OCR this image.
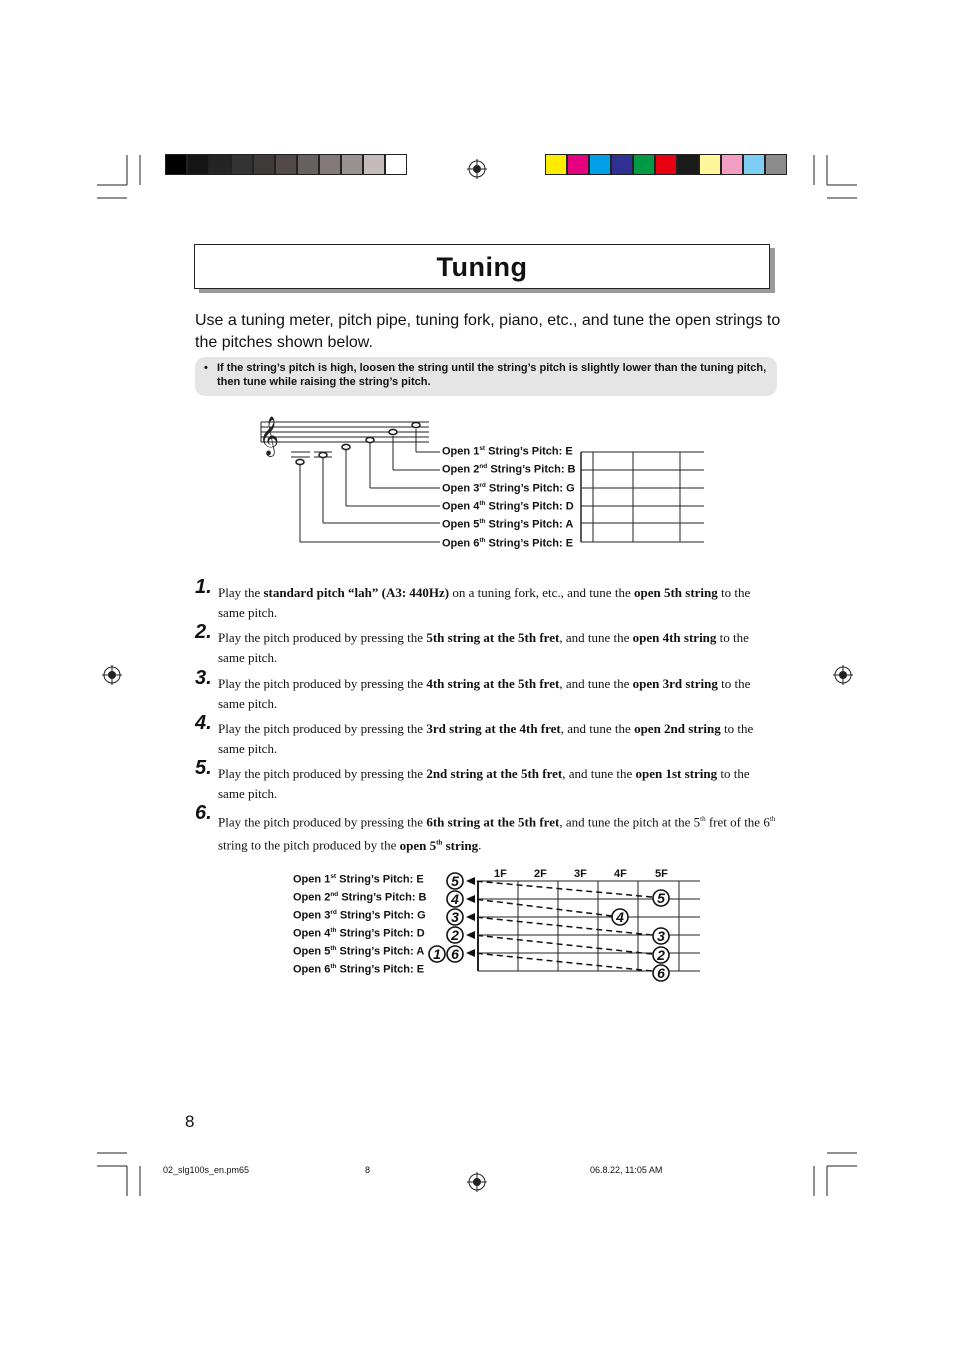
Tuning
Use a tuning meter, pitch pipe, tuning fork, piano, etc., and tune the open strings to the pitches shown below.
• If the string’s pitch is high, loosen the string until the string’s pitch is slightly lower than the tuning pitch, then tune while raising the string’s pitch.
𝄞	Open 1st String’s Pitch: E
Open 2nd String’s Pitch: B
Open 3rd String’s Pitch: G
Open 4th String’s Pitch: D
Open 5th String’s Pitch: A
Open 6th String’s Pitch: E
1. Play the standard pitch “lah” (A3: 440Hz) on a tuning fork, etc., and tune the open 5th string to the same pitch.
2. Play the pitch produced by pressing the 5th string at the 5th fret, and tune the open 4th string to the same pitch.
3. Play the pitch produced by pressing the 4th string at the 5th fret, and tune the open 3rd string to the same pitch.
4. Play the pitch produced by pressing the 3rd string at the 4th fret, and tune the open 2nd string to the same pitch.
5. Play the pitch produced by pressing the 2nd string at the 5th fret, and tune the open 1st string to the same pitch.
6. Play the pitch produced by pressing the 6th string at the 5th fret, and tune the pitch at the 5th fret of the 6th string to the pitch produced by the open 5th string.
Open 1st String’s Pitch: E
Open 2nd String’s Pitch: B
Open 3rd String’s Pitch: G
Open 4th String’s Pitch: D
Open 5th String’s Pitch: A
Open 6th String’s Pitch: E
1F 2F 3F 4F	5F
5
4
3
2
1 6
5
4
3
2
6
8
02_slg100s_en.pm65	8	06.8.22, 11:05 AM
